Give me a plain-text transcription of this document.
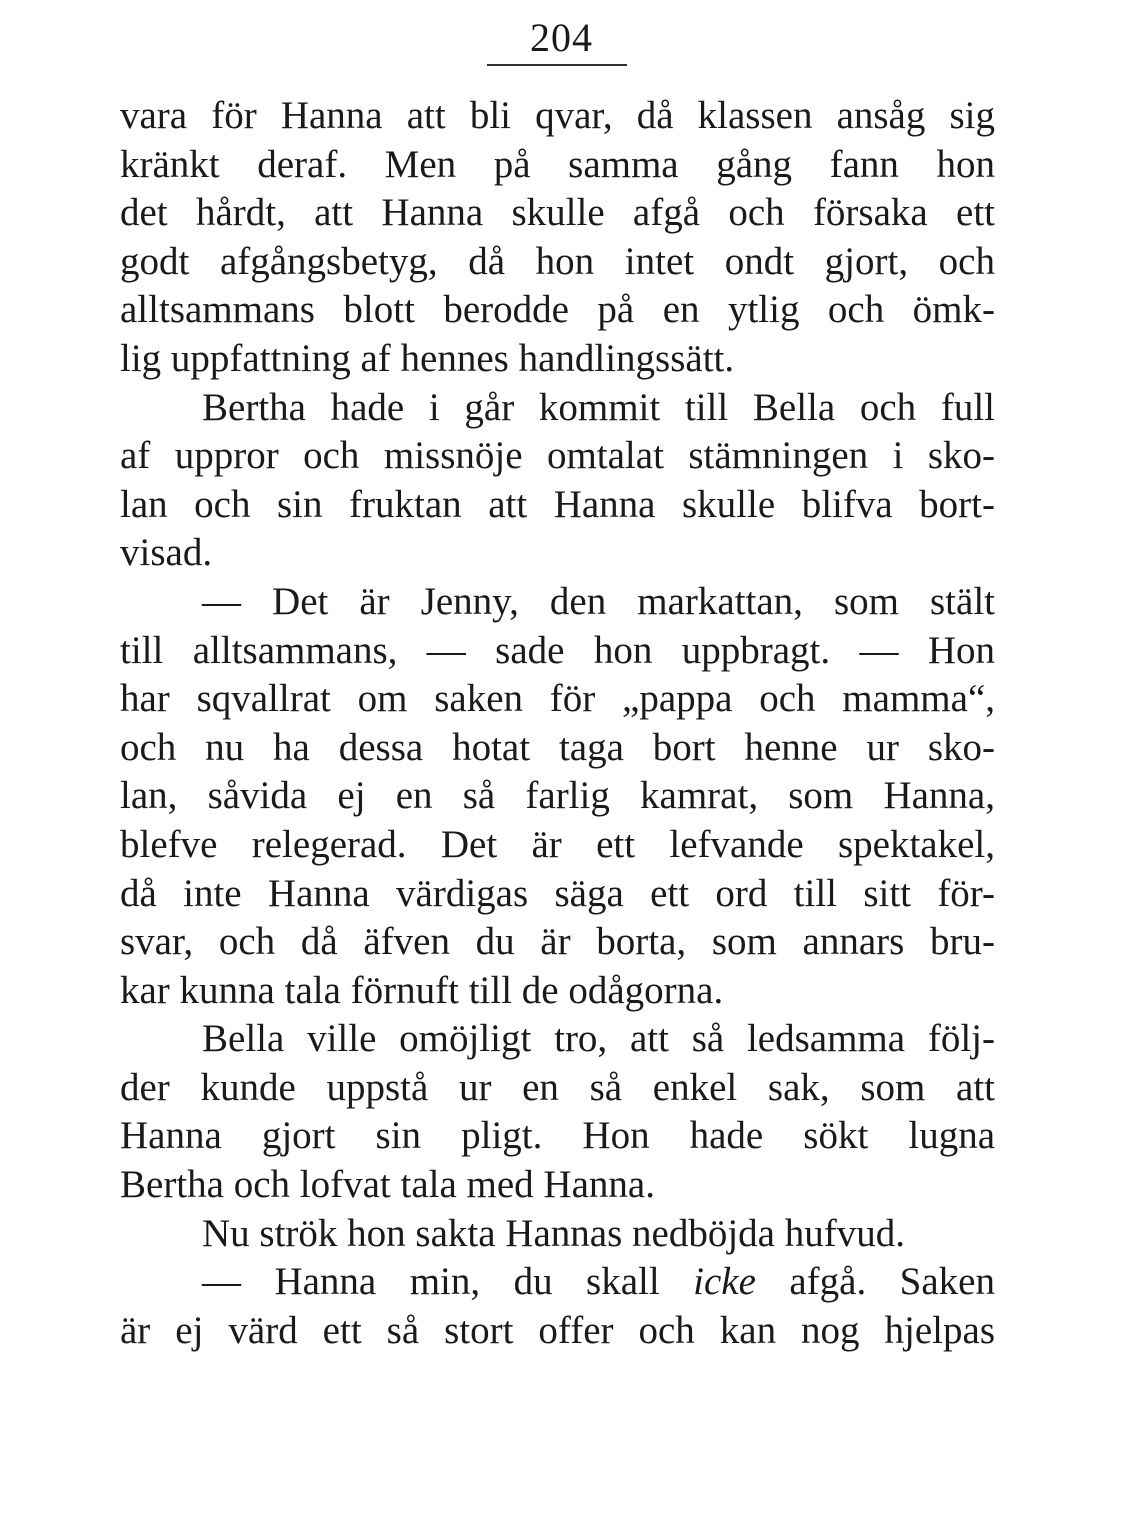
204
vara för Hanna att bli qvar, då klassen ansåg sig
kränkt deraf. Men på samma gång fann hon
det hårdt, att Hanna skulle afgå och försaka ett
godt afgångsbetyg, då hon intet ondt gjort, och
alltsammans blott berodde på en ytlig och ömk-
lig uppfattning af hennes handlingssätt.
Bertha hade i går kommit till Bella och full
af uppror och missnöje omtalat stämningen i sko-
lan och sin fruktan att Hanna skulle blifva bort-
visad.
— Det är Jenny, den markattan, som stält
till alltsammans, — sade hon uppbragt. — Hon
har sqvallrat om saken för „pappa och mamma“,
och nu ha dessa hotat taga bort henne ur sko-
lan, såvida ej en så farlig kamrat, som Hanna,
blefve relegerad. Det är ett lefvande spektakel,
då inte Hanna värdigas säga ett ord till sitt för-
svar, och då äfven du är borta, som annars bru-
kar kunna tala förnuft till de odågorna.
Bella ville omöjligt tro, att så ledsamma följ-
der kunde uppstå ur en så enkel sak, som att
Hanna gjort sin pligt. Hon hade sökt lugna
Bertha och lofvat tala med Hanna.
Nu strök hon sakta Hannas nedböjda hufvud.
— Hanna min, du skall icke afgå. Saken
är ej värd ett så stort offer och kan nog hjelpas
